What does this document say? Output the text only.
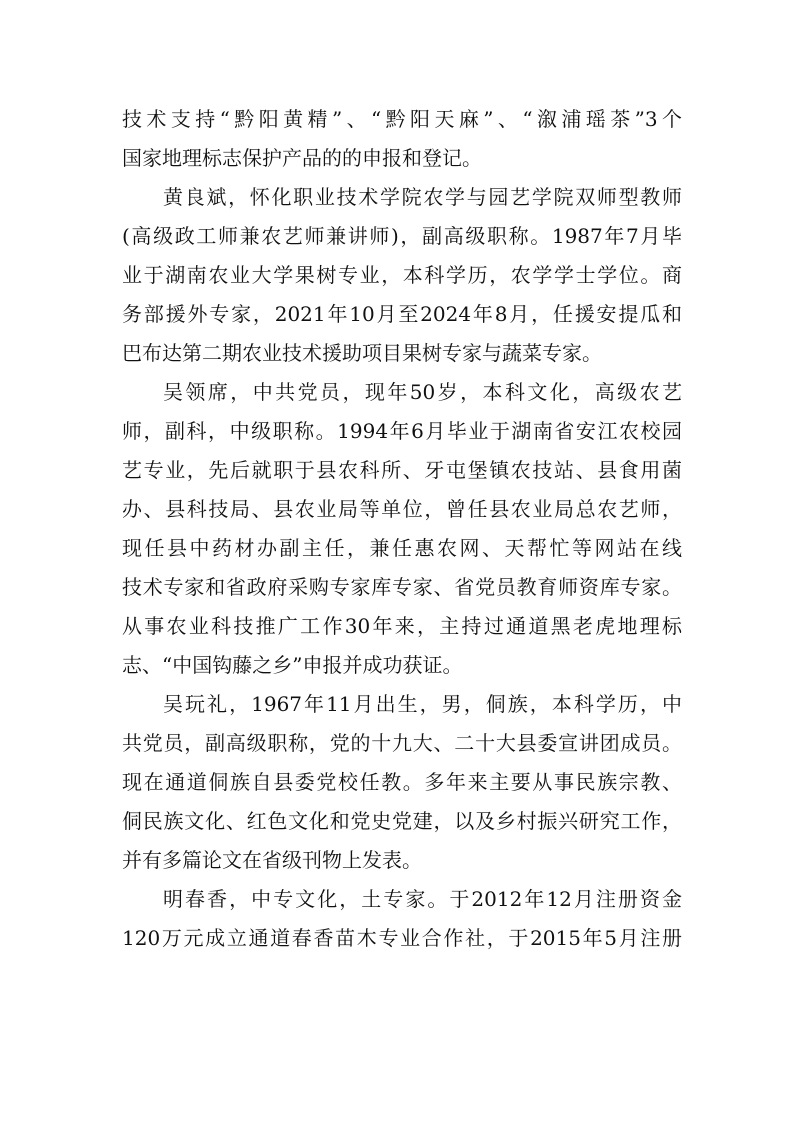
技术支持“黔阳黄精”、“黔阳天麻”、“溆浦瑶茶”3个
国家地理标志保护产品的的申报和登记。
黄良斌，怀化职业技术学院农学与园艺学院双师型教师
(高级政工师兼农艺师兼讲师)，副高级职称。1987年7月毕
业于湖南农业大学果树专业，本科学历，农学学士学位。商
务部援外专家，2021年10月至2024年8月，任援安提瓜和
巴布达第二期农业技术援助项目果树专家与蔬菜专家。
吴领席，中共党员，现年50岁，本科文化，高级农艺
师，副科，中级职称。1994年6月毕业于湖南省安江农校园
艺专业，先后就职于县农科所、牙屯堡镇农技站、县食用菌
办、县科技局、县农业局等单位，曾任县农业局总农艺师，
现任县中药材办副主任，兼任惠农网、天帮忙等网站在线
技术专家和省政府采购专家库专家、省党员教育师资库专家。
从事农业科技推广工作30年来，主持过通道黑老虎地理标
志、“中国钩藤之乡”申报并成功获证。
吴玩礼，1967年11月出生，男，侗族，本科学历，中
共党员，副高级职称，党的十九大、二十大县委宣讲团成员。
现在通道侗族自县委党校任教。多年来主要从事民族宗教、
侗民族文化、红色文化和党史党建，以及乡村振兴研究工作，
并有多篇论文在省级刊物上发表。
明春香，中专文化，土专家。于2012年12月注册资金
120万元成立通道春香苗木专业合作社，于2015年5月注册
